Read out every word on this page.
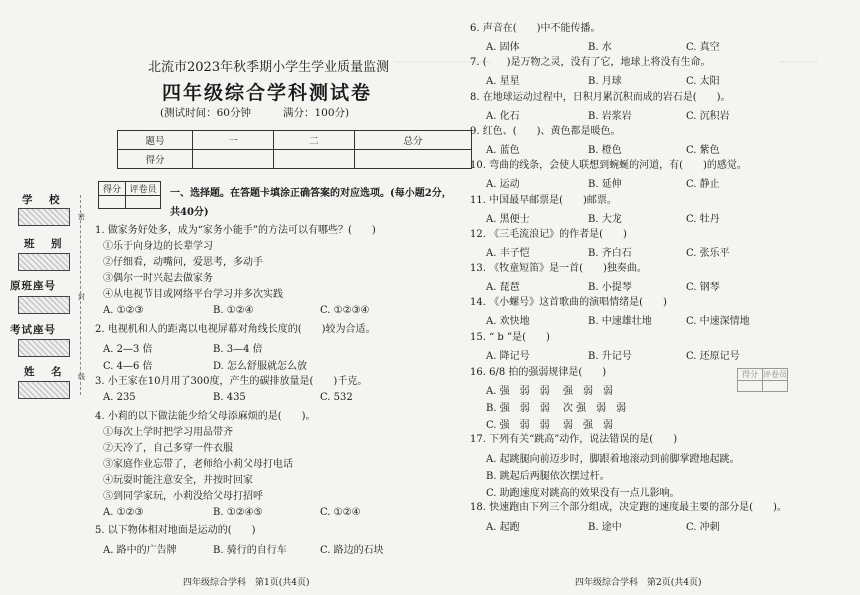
······································	···············
北流市2023年秋季期小学生学业质量监测
四年级综合学科测试卷
(测试时间：60分钟	满分：100分)
题号	一	二	总分
得分			
学　校
班　别
原班座号
考试座号
姓　名
密
封
线
得分	评卷员
	一、选择题。在答题卡填涂正确答案的对应选项。(每小题2分，
共40分)
1. 做家务好处多，成为“家务小能手”的方法可以有哪些？(　　)
①乐于向身边的长辈学习
②仔细看，动嘴问，爱思考，多动手
③偶尔一时兴起去做家务
④从电视节目或网络平台学习并多次实践
A. ①②③	B. ①②④	C. ①②③④
2. 电视机和人的距离以电视屏幕对角线长度的(　　)较为合适。
A. 2—3 倍	B. 3—4 倍
C. 4—6 倍	D. 怎么舒服就怎么放
3. 小王家在10月用了300度，产生的碳排放量是(　　)千克。
A. 235	B. 435	C. 532
4. 小莉的以下做法能少给父母添麻烦的是(　　)。
①每次上学时把学习用品带齐
②天冷了，自己多穿一件衣服
③家庭作业忘带了，老师给小莉父母打电话
④玩耍时能注意安全，并按时回家
⑤到同学家玩，小莉没给父母打招呼
A. ①②③	B. ①②④⑤	C. ①②④
5. 以下物体相对地面是运动的(　　)
A. 路中的广告牌	B. 骑行的自行车	C. 路边的石块
四年级综合学科　第1页(共4页)
6. 声音在(　　)中不能传播。
A. 固体	B. 水	C. 真空
7. (　　)是万物之灵，没有了它，地球上将没有生命。
A. 星星	B. 月球	C. 太阳
8. 在地球运动过程中，日积月累沉积而成的岩石是(　　)。
A. 化石	B. 岩浆岩	C. 沉积岩
9. 红色、(　　)、黄色都是暖色。
A. 蓝色	B. 橙色	C. 紫色
10. 弯曲的线条，会使人联想到蜿蜒的河道，有(　　)的感觉。
A. 运动	B. 延伸	C. 静止
11. 中国最早邮票是(　　)邮票。
A. 黑便士	B. 大龙	C. 牡丹
12. 《三毛流浪记》的作者是(　　)
A. 丰子恺	B. 齐白石	C. 张乐平
13. 《牧童短笛》是一首(　　)独奏曲。
A. 琵琶	B. 小提琴	C. 钢琴
14. 《小螺号》这首歌曲的演唱情绪是(　　)
A. 欢快地	B. 中速雄壮地	C. 中速深情地
15. “ b ”是(　　)
A. 降记号	B. 升记号	C. 还原记号
16. 6/8 拍的强弱规律是(　　)
A. 强　弱　弱 强　弱　弱
B. 强　弱　弱 次 强　弱　弱
C. 强　弱　弱 弱　强　弱
得分	评卷员

17. 下列有关“跳高”动作，说法错误的是(　　)
A. 起跳腿向前迈步时，脚跟着地滚动到前脚掌蹬地起跳。
B. 跳起后两腿依次摆过杆。
C. 助跑速度对跳高的效果没有一点儿影响。
18. 快速跑由下列三个部分组成，决定跑的速度最主要的部分是(　　)。
A. 起跑	B. 途中	C. 冲刺
四年级综合学科　第2页(共4页)
